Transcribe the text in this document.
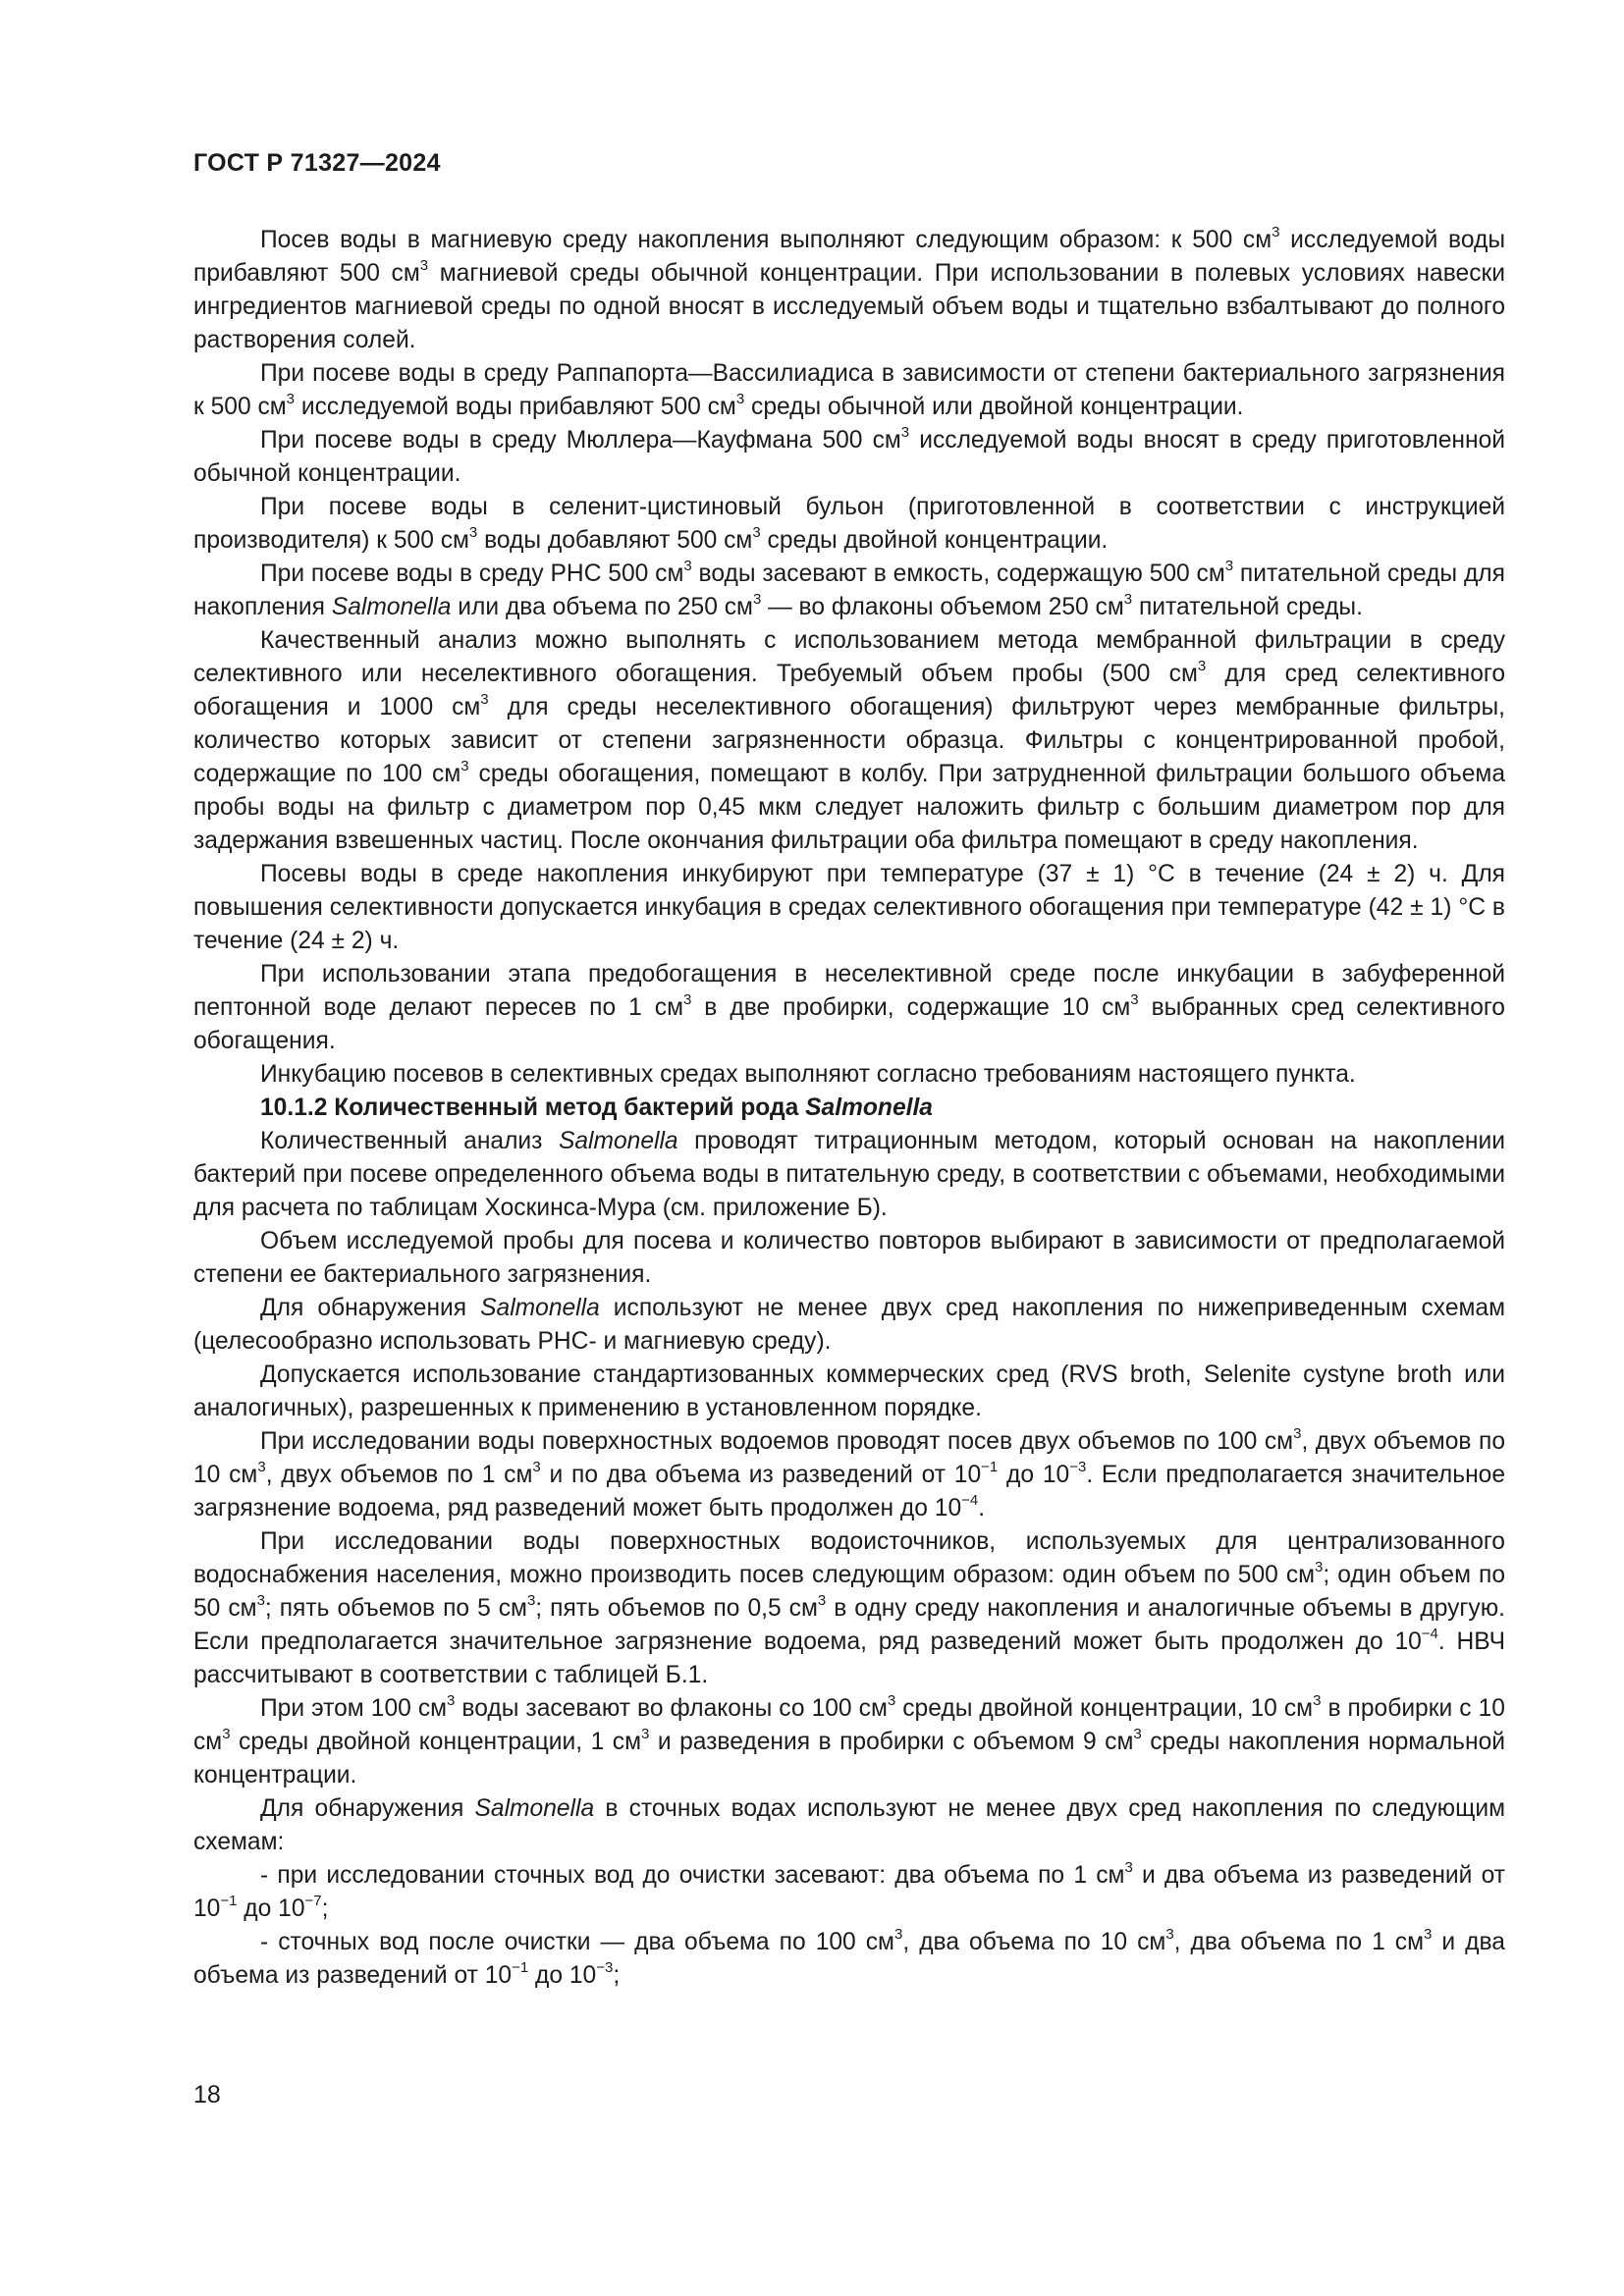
ГОСТ Р 71327—2024

Посев воды в магниевую среду накопления выполняют следующим образом: к 500 $см^3$ исследуемой воды прибавляют 500 $см^3$ магниевой среды обычной концентрации. При использовании в полевых условиях навески ингредиентов магниевой среды по одной вносят в исследуемый объем воды и тщательно взбалтывают до полного растворения солей.

При посеве воды в среду Раппапорта—Вассилиадиса в зависимости от степени бактериального загрязнения к 500 $см^3$ исследуемой воды прибавляют 500 $см^3$ среды обычной или двойной концентрации.

При посеве воды в среду Мюллера—Кауфмана 500 $см^3$ исследуемой воды вносят в среду приготовленной обычной концентрации.

При посеве воды в селенит-цистиновый бульон (приготовленной в соответствии с инструкцией производителя) к 500 $см^3$ воды добавляют 500 $см^3$ среды двойной концентрации.

При посеве воды в среду РНС 500 $см^3$ воды засевают в емкость, содержащую 500 $см^3$ питательной среды для накопления Salmonella или два объема по 250 $см^3$ — во флаконы объемом 250 $см^3$ питательной среды.

Качественный анализ можно выполнять с использованием метода мембранной фильтрации в среду селективного или неселективного обогащения. Требуемый объем пробы (500 $см^3$ для сред селективного обогащения и 1000 $см^3$ для среды неселективного обогащения) фильтруют через мембранные фильтры, количество которых зависит от степени загрязненности образца. Фильтры с концентрированной пробой, содержащие по 100 $см^3$ среды обогащения, помещают в колбу. При затрудненной фильтрации большого объема пробы воды на фильтр с диаметром пор 0,45 мкм следует наложить фильтр с большим диаметром пор для задержания взвешенных частиц. После окончания фильтрации оба фильтра помещают в среду накопления.

Посевы воды в среде накопления инкубируют при температуре (37 ± 1) °C в течение (24 ± 2) ч. Для повышения селективности допускается инкубация в средах селективного обогащения при температуре (42 ± 1) °C в течение (24 ± 2) ч.

При использовании этапа предобогащения в неселективной среде после инкубации в забуференной пептонной воде делают пересев по 1 $см^3$ в две пробирки, содержащие 10 $см^3$ выбранных сред селективного обогащения.

Инкубацию посевов в селективных средах выполняют согласно требованиям настоящего пункта.

10.1.2 Количественный метод бактерий рода Salmonella

Количественный анализ Salmonella проводят титрационным методом, который основан на накоплении бактерий при посеве определенного объема воды в питательную среду, в соответствии с объемами, необходимыми для расчета по таблицам Хоскинса-Мура (см. приложение Б).

Объем исследуемой пробы для посева и количество повторов выбирают в зависимости от предполагаемой степени ее бактериального загрязнения.

Для обнаружения Salmonella используют не менее двух сред накопления по нижеприведенным схемам (целесообразно использовать РНС- и магниевую среду).

Допускается использование стандартизованных коммерческих сред (RVS broth, Selenite cystyne broth или аналогичных), разрешенных к применению в установленном порядке.

При исследовании воды поверхностных водоемов проводят посев двух объемов по 100 $см^3$, двух объемов по 10 $см^3$, двух объемов по 1 $см^3$ и по два объема из разведений от $10^{-1}$ до $10^{-3}$. Если предполагается значительное загрязнение водоема, ряд разведений может быть продолжен до $10^{-4}$.

При исследовании воды поверхностных водоисточников, используемых для централизованного водоснабжения населения, можно производить посев следующим образом: один объем по 500 $см^3$; один объем по 50 $см^3$; пять объемов по 5 $см^3$; пять объемов по 0,5 $см^3$ в одну среду накопления и аналогичные объемы в другую. Если предполагается значительное загрязнение водоема, ряд разведений может быть продолжен до $10^{-4}$. НВЧ рассчитывают в соответствии с таблицей Б.1.

При этом 100 $см^3$ воды засевают во флаконы со 100 $см^3$ среды двойной концентрации, 10 $см^3$ в пробирки с 10 $см^3$ среды двойной концентрации, 1 $см^3$ и разведения в пробирки с объемом 9 $см^3$ среды накопления нормальной концентрации.

Для обнаружения Salmonella в сточных водах используют не менее двух сред накопления по следующим схемам:

- при исследовании сточных вод до очистки засевают: два объема по 1 $см^3$ и два объема из разведений от $10^{-1}$ до $10^{-7}$;

- сточных вод после очистки — два объема по 100 $см^3$, два объема по 10 $см^3$, два объема по 1 $см^3$ и два объема из разведений от $10^{-1}$ до $10^{-3}$;

18
